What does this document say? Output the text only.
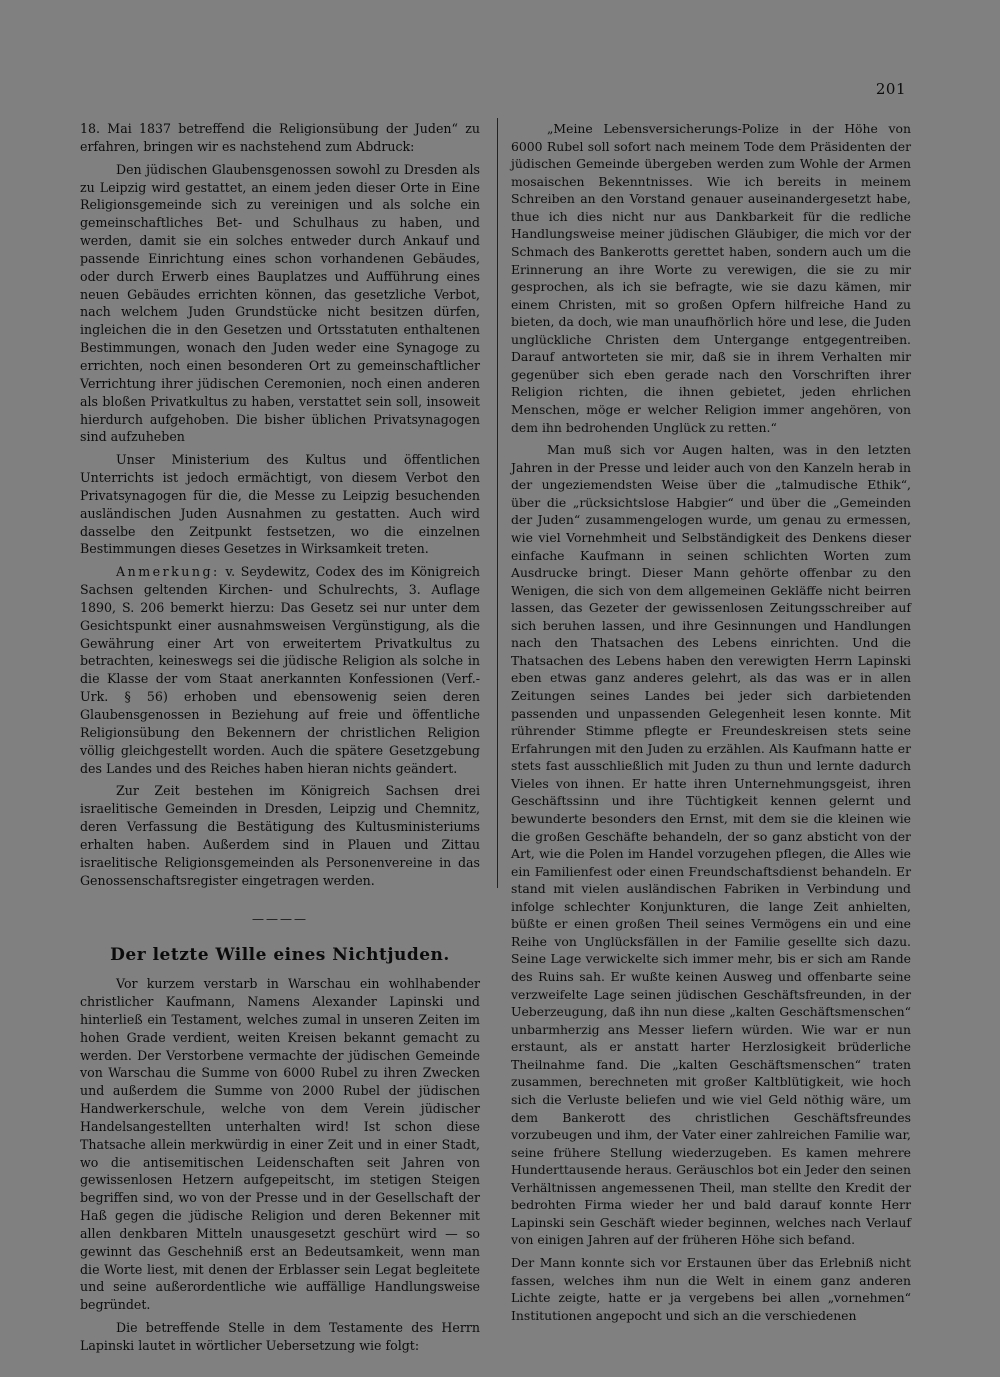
201

18. Mai 1837 betreffend die Religionsübung der Juden“ zu erfahren, bringen wir es nachstehend zum Abdruck:

Den jüdischen Glaubensgenossen sowohl zu Dresden als zu Leipzig wird gestattet, an einem jeden dieser Orte in Eine Religionsgemeinde sich zu vereinigen und als solche ein gemeinschaftliches Bet- und Schulhaus zu haben, und werden, damit sie ein solches entweder durch Ankauf und passende Einrichtung eines schon vorhandenen Gebäudes, oder durch Erwerb eines Bauplatzes und Aufführung eines neuen Gebäudes errichten können, das gesetzliche Verbot, nach welchem Juden Grundstücke nicht besitzen dürfen, ingleichen die in den Gesetzen und Ortsstatuten enthaltenen Bestimmungen, wonach den Juden weder eine Synagoge zu errichten, noch einen besonderen Ort zu gemeinschaftlicher Verrichtung ihrer jüdischen Ceremonien, noch einen anderen als bloßen Privatkultus zu haben, verstattet sein soll, insoweit hierdurch aufgehoben. Die bisher üblichen Privatsynagogen sind aufzuheben

Unser Ministerium des Kultus und öffentlichen Unterrichts ist jedoch ermächtigt, von diesem Verbot den Privatsynagogen für die, die Messe zu Leipzig besuchenden ausländischen Juden Ausnahmen zu gestatten. Auch wird dasselbe den Zeitpunkt festsetzen, wo die einzelnen Bestimmungen dieses Gesetzes in Wirksamkeit treten.

Anmerkung: v. Seydewitz, Codex des im Königreich Sachsen geltenden Kirchen- und Schulrechts, 3. Auflage 1890, S. 206 bemerkt hierzu: Das Gesetz sei nur unter dem Gesichtspunkt einer ausnahmsweisen Vergünstigung, als die Gewährung einer Art von erweitertem Privatkultus zu betrachten, keineswegs sei die jüdische Religion als solche in die Klasse der vom Staat anerkannten Konfessionen (Verf.-Urk. § 56) erhoben und ebensowenig seien deren Glaubensgenossen in Beziehung auf freie und öffentliche Religionsübung den Bekennern der christlichen Religion völlig gleichgestellt worden. Auch die spätere Gesetzgebung des Landes und des Reiches haben hieran nichts geändert.

Zur Zeit bestehen im Königreich Sachsen drei israelitische Gemeinden in Dresden, Leipzig und Chemnitz, deren Verfassung die Bestätigung des Kultusministeriums erhalten haben. Außerdem sind in Plauen und Zittau israelitische Religionsgemeinden als Personenvereine in das Genossenschaftsregister eingetragen werden.

————
Der letzte Wille eines Nichtjuden.

Vor kurzem verstarb in Warschau ein wohlhabender christlicher Kaufmann, Namens Alexander Lapinski und hinterließ ein Testament, welches zumal in unseren Zeiten im hohen Grade verdient, weiten Kreisen bekannt gemacht zu werden. Der Verstorbene vermachte der jüdischen Gemeinde von Warschau die Summe von 6000 Rubel zu ihren Zwecken und außerdem die Summe von 2000 Rubel der jüdischen Handwerkerschule, welche von dem Verein jüdischer Handelsangestellten unterhalten wird! Ist schon diese Thatsache allein merkwürdig in einer Zeit und in einer Stadt, wo die antisemitischen Leidenschaften seit Jahren von gewissenlosen Hetzern aufgepeitscht, im stetigen Steigen begriffen sind, wo von der Presse und in der Gesellschaft der Haß gegen die jüdische Religion und deren Bekenner mit allen denkbaren Mitteln unausgesetzt geschürt wird — so gewinnt das Geschehniß erst an Bedeutsamkeit, wenn man die Worte liest, mit denen der Erblasser sein Legat begleitete und seine außerordentliche wie auffällige Handlungsweise begründet.

Die betreffende Stelle in dem Testamente des Herrn Lapinski lautet in wörtlicher Uebersetzung wie folgt:

„Meine Lebensversicherungs-Polize in der Höhe von 6000 Rubel soll sofort nach meinem Tode dem Präsidenten der jüdischen Gemeinde übergeben werden zum Wohle der Armen mosaischen Bekenntnisses. Wie ich bereits in meinem Schreiben an den Vorstand genauer auseinandergesetzt habe, thue ich dies nicht nur aus Dankbarkeit für die redliche Handlungsweise meiner jüdischen Gläubiger, die mich vor der Schmach des Bankerotts gerettet haben, sondern auch um die Erinnerung an ihre Worte zu verewigen, die sie zu mir gesprochen, als ich sie befragte, wie sie dazu kämen, mir einem Christen, mit so großen Opfern hilfreiche Hand zu bieten, da doch, wie man unaufhörlich höre und lese, die Juden unglückliche Christen dem Untergange entgegentreiben. Darauf antworteten sie mir, daß sie in ihrem Verhalten mir gegenüber sich eben gerade nach den Vorschriften ihrer Religion richten, die ihnen gebietet, jeden ehrlichen Menschen, möge er welcher Religion immer angehören, von dem ihn bedrohenden Unglück zu retten.“

Man muß sich vor Augen halten, was in den letzten Jahren in der Presse und leider auch von den Kanzeln herab in der ungeziemendsten Weise über die „talmudische Ethik“, über die „rücksichtslose Habgier“ und über die „Gemeinden der Juden“ zusammengelogen wurde, um genau zu ermessen, wie viel Vornehmheit und Selbständigkeit des Denkens dieser einfache Kaufmann in seinen schlichten Worten zum Ausdrucke bringt. Dieser Mann gehörte offenbar zu den Wenigen, die sich von dem allgemeinen Gekläffe nicht beirren lassen, das Gezeter der gewissenlosen Zeitungsschreiber auf sich beruhen lassen, und ihre Gesinnungen und Handlungen nach den Thatsachen des Lebens einrichten. Und die Thatsachen des Lebens haben den verewigten Herrn Lapinski eben etwas ganz anderes gelehrt, als das was er in allen Zeitungen seines Landes bei jeder sich darbietenden passenden und unpassenden Gelegenheit lesen konnte. Mit rührender Stimme pflegte er Freundeskreisen stets seine Erfahrungen mit den Juden zu erzählen. Als Kaufmann hatte er stets fast ausschließlich mit Juden zu thun und lernte dadurch Vieles von ihnen. Er hatte ihren Unternehmungsgeist, ihren Geschäftssinn und ihre Tüchtigkeit kennen gelernt und bewunderte besonders den Ernst, mit dem sie die kleinen wie die großen Geschäfte behandeln, der so ganz absticht von der Art, wie die Polen im Handel vorzugehen pflegen, die Alles wie ein Familienfest oder einen Freundschaftsdienst behandeln. Er stand mit vielen ausländischen Fabriken in Verbindung und infolge schlechter Konjunkturen, die lange Zeit anhielten, büßte er einen großen Theil seines Vermögens ein und eine Reihe von Unglücksfällen in der Familie gesellte sich dazu. Seine Lage verwickelte sich immer mehr, bis er sich am Rande des Ruins sah. Er wußte keinen Ausweg und offenbarte seine verzweifelte Lage seinen jüdischen Geschäftsfreunden, in der Ueberzeugung, daß ihn nun diese „kalten Geschäftsmenschen“ unbarmherzig ans Messer liefern würden. Wie war er nun erstaunt, als er anstatt harter Herzlosigkeit brüderliche Theilnahme fand. Die „kalten Geschäftsmenschen“ traten zusammen, berechneten mit großer Kaltblütigkeit, wie hoch sich die Verluste beliefen und wie viel Geld nöthig wäre, um dem Bankerott des christlichen Geschäftsfreundes vorzubeugen und ihm, der Vater einer zahlreichen Familie war, seine frühere Stellung wiederzugeben. Es kamen mehrere Hunderttausende heraus. Geräuschlos bot ein Jeder den seinen Verhältnissen angemessenen Theil, man stellte den Kredit der bedrohten Firma wieder her und bald darauf konnte Herr Lapinski sein Geschäft wieder beginnen, welches nach Verlauf von einigen Jahren auf der früheren Höhe sich befand.

Der Mann konnte sich vor Erstaunen über das Erlebniß nicht fassen, welches ihm nun die Welt in einem ganz anderen Lichte zeigte, hatte er ja vergebens bei allen „vornehmen“ Institutionen angepocht und sich an die verschiedenen
